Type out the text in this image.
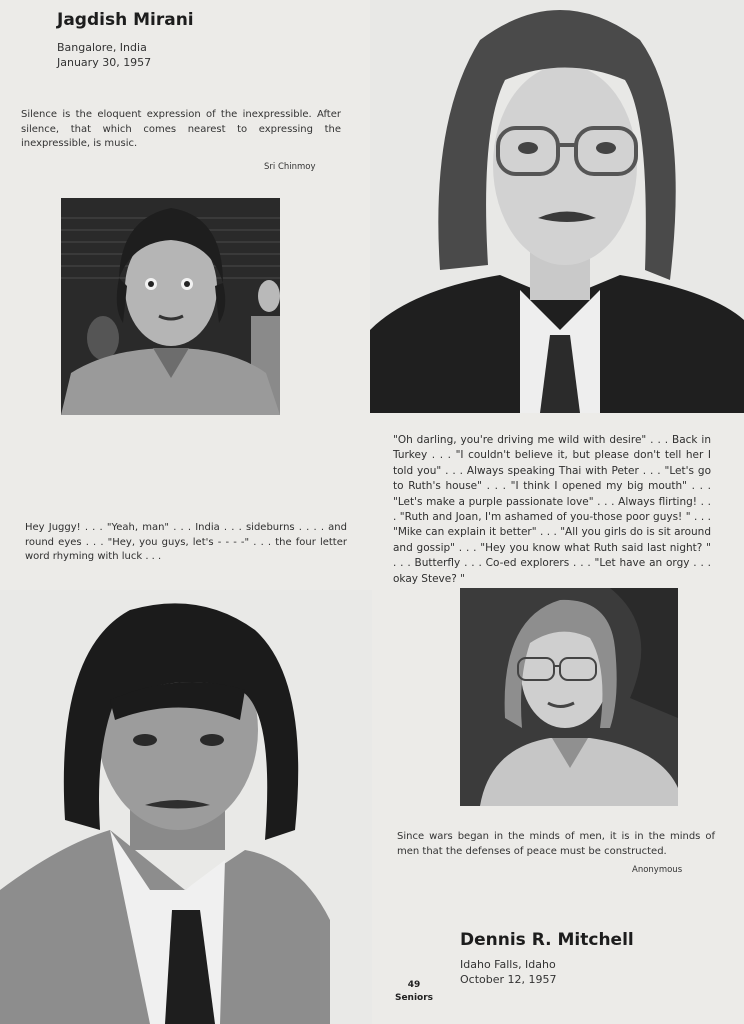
Jagdish Mirani
Bangalore, India
January 30, 1957
Silence is the eloquent expression of the inexpressible. After silence, that which comes nearest to expressing the inexpressible, is music.
Sri Chinmoy
Hey Juggy! . . . "Yeah, man" . . . India . . . sideburns . . . . and round eyes . . . "Hey, you guys, let's - - - -" . . . the four letter word rhyming with luck . . .
"Oh darling, you're driving me wild with desire" . . . Back in Turkey . . . "I couldn't believe it, but please don't tell her I told you" . . . Always speaking Thai with Peter . . . "Let's go to Ruth's house" . . . "I think I opened my big mouth" . . . "Let's make a purple passionate love" . . . Always flirting! . . . "Ruth and Joan, I'm ashamed of you-those poor guys! " . . . "Mike can explain it better" . . . "All you girls do is sit around and gossip" . . . "Hey you know what Ruth said last night? " . . . Butterfly . . . Co-ed explorers . . . "Let have an orgy . . . okay Steve? "
Since wars began in the minds of men, it is in the minds of men that the defenses of peace must be constructed.
Anonymous
Dennis R. Mitchell
Idaho Falls, Idaho
October 12, 1957
49
Seniors
